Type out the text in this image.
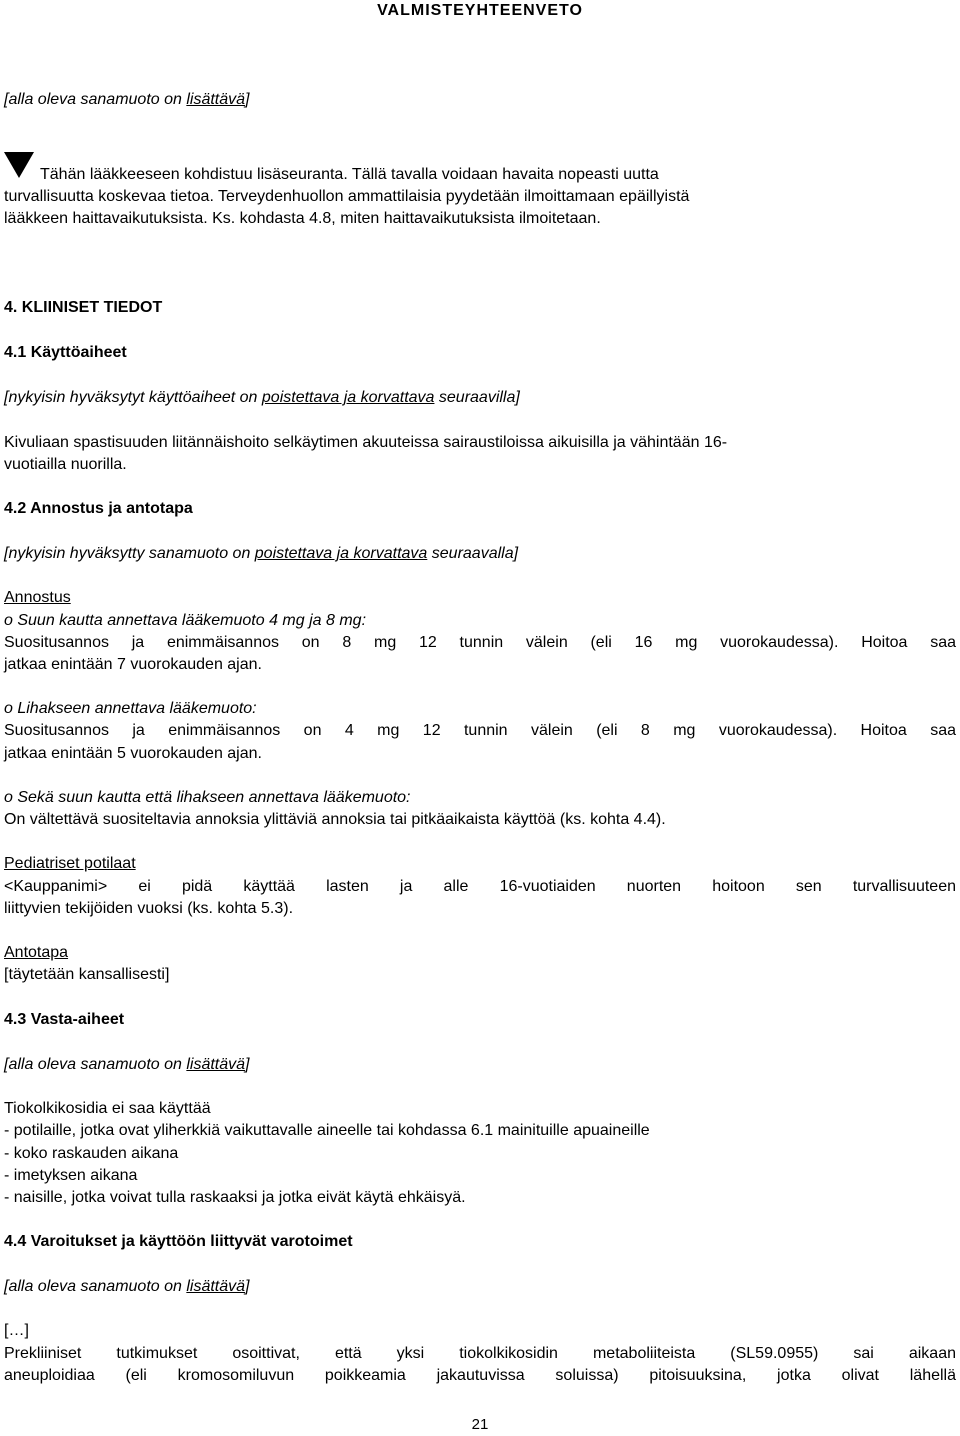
VALMISTEYHTEENVETO

[alla oleva sanamuoto on lisättävä]

Tähän lääkkeeseen kohdistuu lisäseuranta. Tällä tavalla voidaan havaita nopeasti uutta

turvallisuutta koskevaa tietoa. Terveydenhuollon ammattilaisia pyydetään ilmoittamaan epäillyistä

lääkkeen haittavaikutuksista. Ks. kohdasta 4.8, miten haittavaikutuksista ilmoitetaan.

4. KLIINISET TIEDOT

4.1 Käyttöaiheet

[nykyisin hyväksytyt käyttöaiheet on poistettava ja korvattava seuraavilla]

Kivuliaan spastisuuden liitännäishoito selkäytimen akuuteissa sairaustiloissa aikuisilla ja vähintään 16-

vuotiailla nuorilla.

4.2 Annostus ja antotapa

[nykyisin hyväksytty sanamuoto on poistettava ja korvattava seuraavalla]

Annostus

o Suun kautta annettava lääkemuoto 4 mg ja 8 mg:

Suositusannos ja enimmäisannos on 8 mg 12 tunnin välein (eli 16 mg vuorokaudessa). Hoitoa saa

jatkaa enintään 7 vuorokauden ajan.

o Lihakseen annettava lääkemuoto:

Suositusannos ja enimmäisannos on 4 mg 12 tunnin välein (eli 8 mg vuorokaudessa). Hoitoa saa

jatkaa enintään 5 vuorokauden ajan.

o Sekä suun kautta että lihakseen annettava lääkemuoto:

On vältettävä suositeltavia annoksia ylittäviä annoksia tai pitkäaikaista käyttöä (ks. kohta 4.4).

Pediatriset potilaat

<Kauppanimi> ei pidä käyttää lasten ja alle 16-vuotiaiden nuorten hoitoon sen turvallisuuteen

liittyvien tekijöiden vuoksi (ks. kohta 5.3).

Antotapa

[täytetään kansallisesti]

4.3 Vasta-aiheet

[alla oleva sanamuoto on lisättävä]

Tiokolkikosidia ei saa käyttää

- potilaille, jotka ovat yliherkkiä vaikuttavalle aineelle tai kohdassa 6.1 mainituille apuaineille

- koko raskauden aikana

- imetyksen aikana

- naisille, jotka voivat tulla raskaaksi ja jotka eivät käytä ehkäisyä.

4.4 Varoitukset ja käyttöön liittyvät varotoimet

[alla oleva sanamuoto on lisättävä]

[…]

Prekliiniset tutkimukset osoittivat, että yksi tiokolkikosidin metaboliiteista (SL59.0955) sai aikaan

aneuploidiaa (eli kromosomiluvun poikkeamia jakautuvissa soluissa) pitoisuuksina, jotka olivat lähellä

21
